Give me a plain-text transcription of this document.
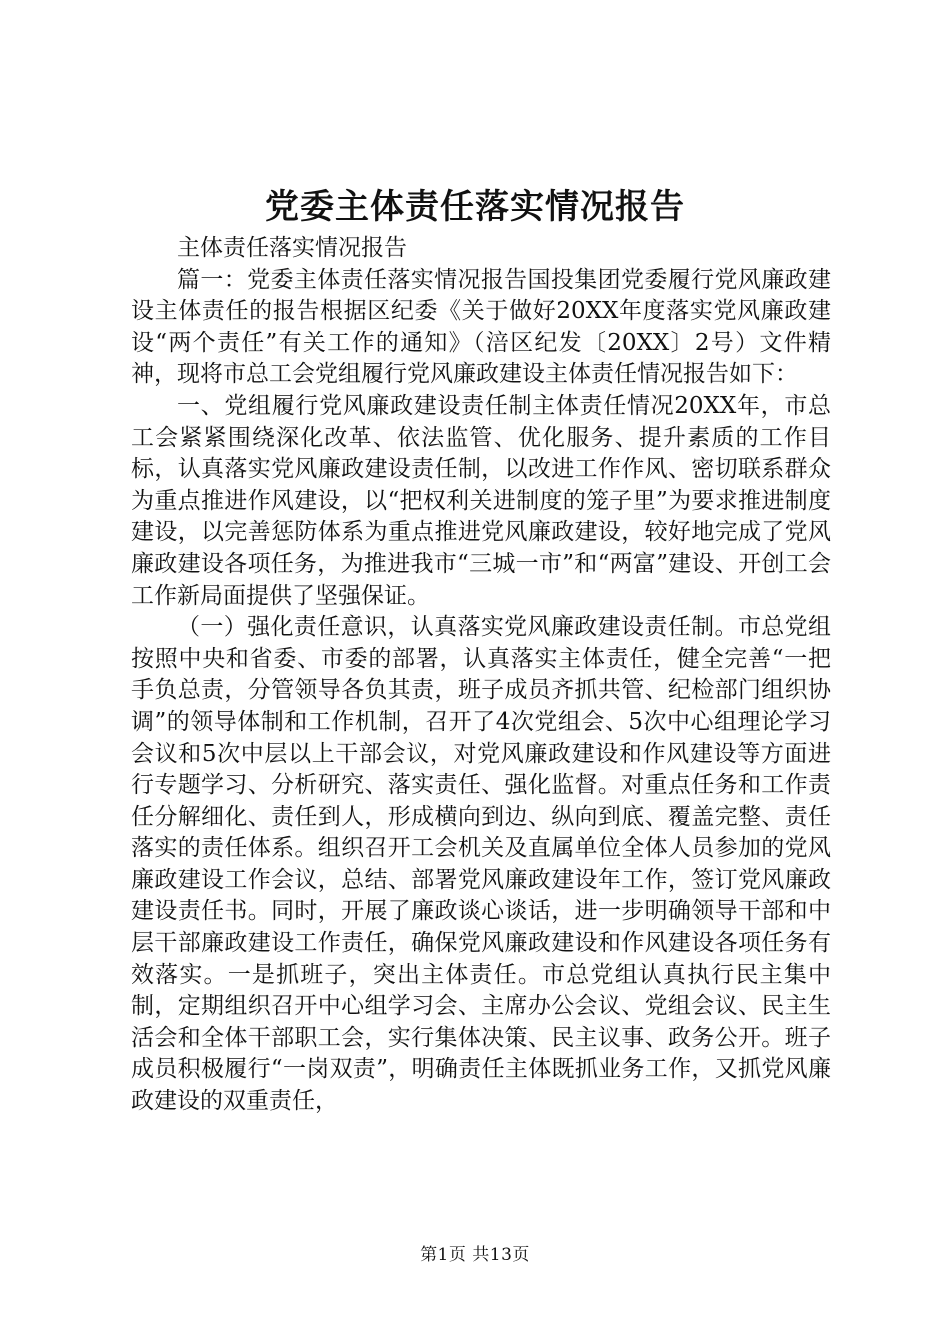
党委主体责任落实情况报告

主体责任落实情况报告

篇一：党委主体责任落实情况报告国投集团党委履行党风廉政建设主体责任的报告根据区纪委《关于做好20XX年度落实党风廉政建设“两个责任”有关工作的通知》（涪区纪发〔20XX〕2号）文件精神，现将市总工会党组履行党风廉政建设主体责任情况报告如下：

一、党组履行党风廉政建设责任制主体责任情况20XX年，市总工会紧紧围绕深化改革、依法监管、优化服务、提升素质的工作目标，认真落实党风廉政建设责任制，以改进工作作风、密切联系群众为重点推进作风建设，以“把权利关进制度的笼子里”为要求推进制度建设，以完善惩防体系为重点推进党风廉政建设，较好地完成了党风廉政建设各项任务，为推进我市“三城一市”和“两富”建设、开创工会工作新局面提供了坚强保证。

（一）强化责任意识，认真落实党风廉政建设责任制。市总党组按照中央和省委、市委的部署，认真落实主体责任，健全完善“一把手负总责，分管领导各负其责，班子成员齐抓共管、纪检部门组织协调”的领导体制和工作机制，召开了4次党组会、5次中心组理论学习会议和5次中层以上干部会议，对党风廉政建设和作风建设等方面进行专题学习、分析研究、落实责任、强化监督。对重点任务和工作责任分解细化、责任到人，形成横向到边、纵向到底、覆盖完整、责任落实的责任体系。组织召开工会机关及直属单位全体人员参加的党风廉政建设工作会议，总结、部署党风廉政建设年工作，签订党风廉政建设责任书。同时，开展了廉政谈心谈话，进一步明确领导干部和中层干部廉政建设工作责任，确保党风廉政建设和作风建设各项任务有效落实。一是抓班子，突出主体责任。市总党组认真执行民主集中制，定期组织召开中心组学习会、主席办公会议、党组会议、民主生活会和全体干部职工会，实行集体决策、民主议事、政务公开。班子成员积极履行“一岗双责”，明确责任主体既抓业务工作，又抓党风廉政建设的双重责任，

第1页 共13页
